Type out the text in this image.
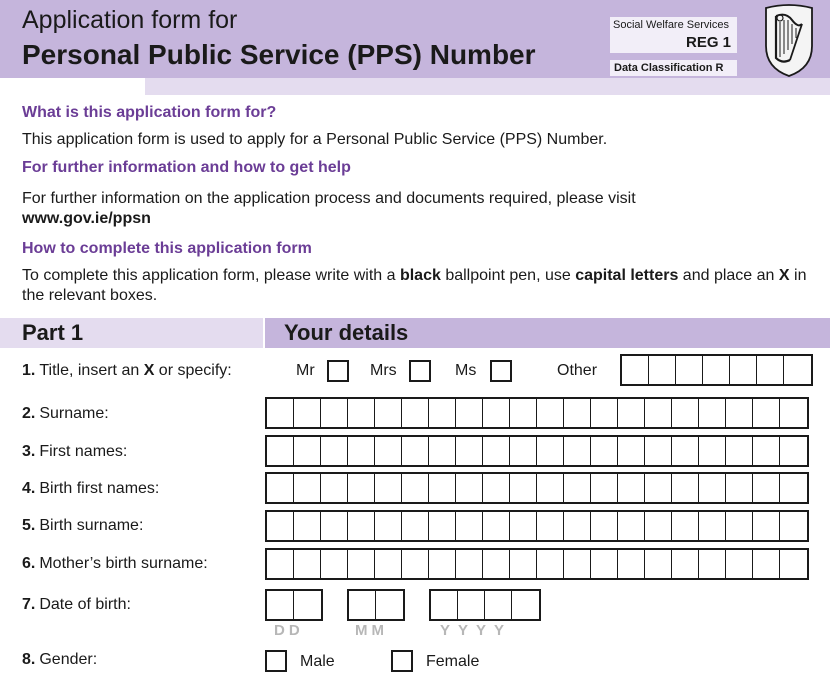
Application form for
Personal Public Service (PPS) Number
Social Welfare Services
REG 1
Data Classification R
What is this application form for?
This application form is used to apply for a Personal Public Service (PPS) Number.
For further information and how to get help
For further information on the application process and documents required, please visit
www.gov.ie/ppsn
How to complete this application form
To complete this application form, please write with a black ballpoint pen, use capital letters and place an X in the relevant boxes.
Part 1	Your details
1. Title, insert an X or specify:	Mr	Mrs	Ms	Other
2. Surname:
3. First names:
4. Birth first names:
5. Birth surname:
6. Mother’s birth surname:
7. Date of birth:
DD	MM	YYYY
8. Gender:	Male	Female
